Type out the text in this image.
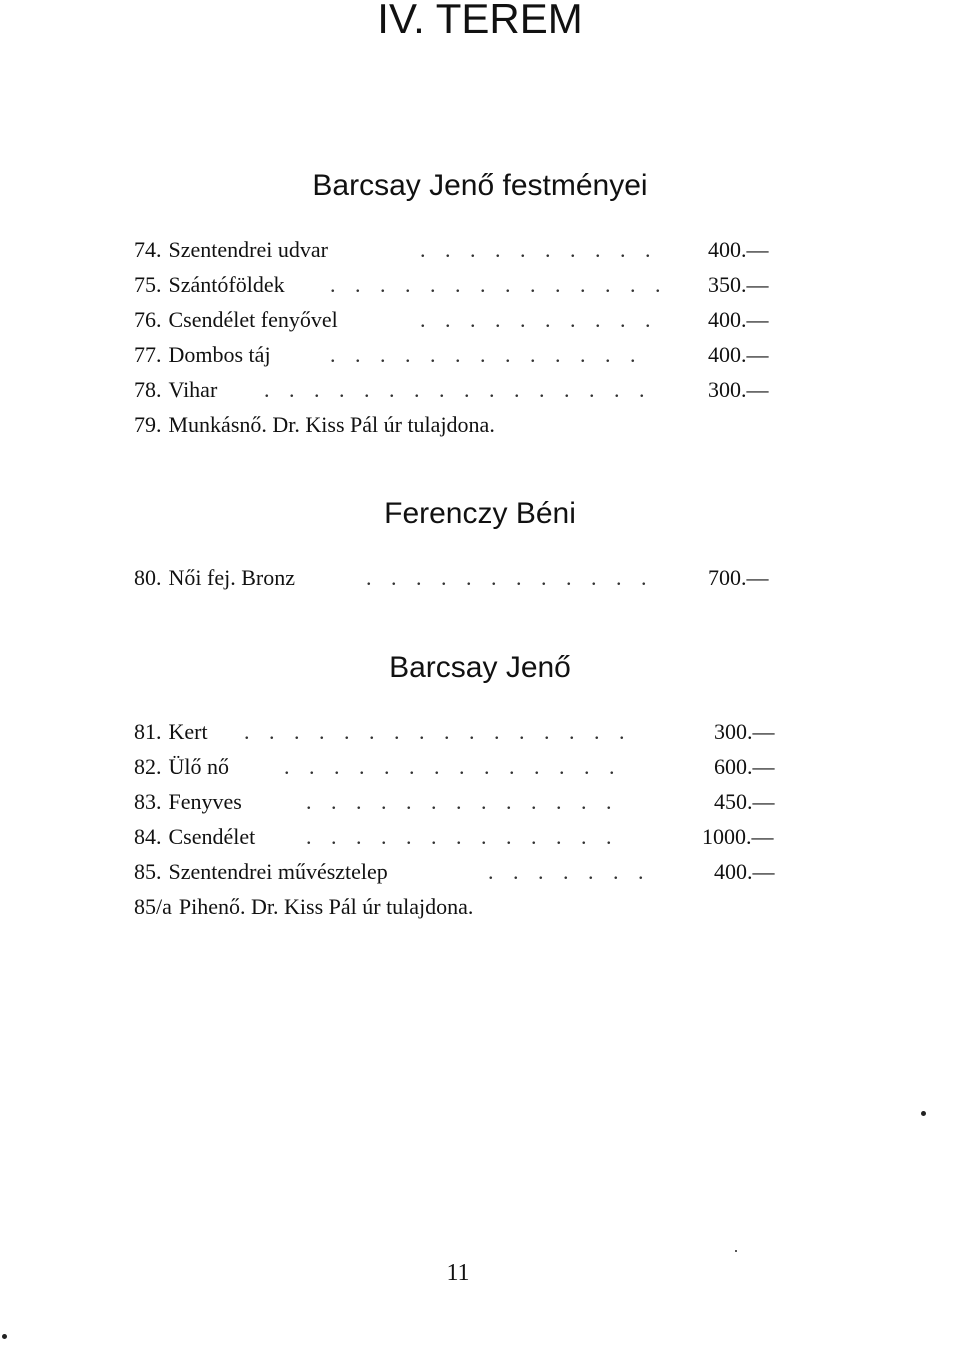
IV. TEREM
Barcsay Jenő festményei
74. Szentendrei udvar	. . . . . . . . . .	400.—
75. Szántóföldek . . . . . . . . . . . . . .	350.—
76. Csendélet fenyővel	. . . . . . . . . .	400.—
77. Dombos táj	. . . . . . . . . . . . .	400.—
78. Vihar . . . . . . . . . . . . . . . .	300.—
79. Munkásnő. Dr. Kiss Pál úr tulajdona.
Ferenczy Béni
80. Női fej. Bronz	. . . . . . . . . . . .	700.—
Barcsay Jenő
81. Kert . . . . . . . . . . . . . . . .	300.—
82. Ülő nő	. . . . . . . . . . . . . .	600.—
83. Fenyves	. . . . . . . . . . . . .	450.—
84. Csendélet . . . . . . . . . . . . .	1000.—
85. Szentendrei művésztelep	. . . . . . .	400.—
85/a Pihenő. Dr. Kiss Pál úr tulajdona.
11
